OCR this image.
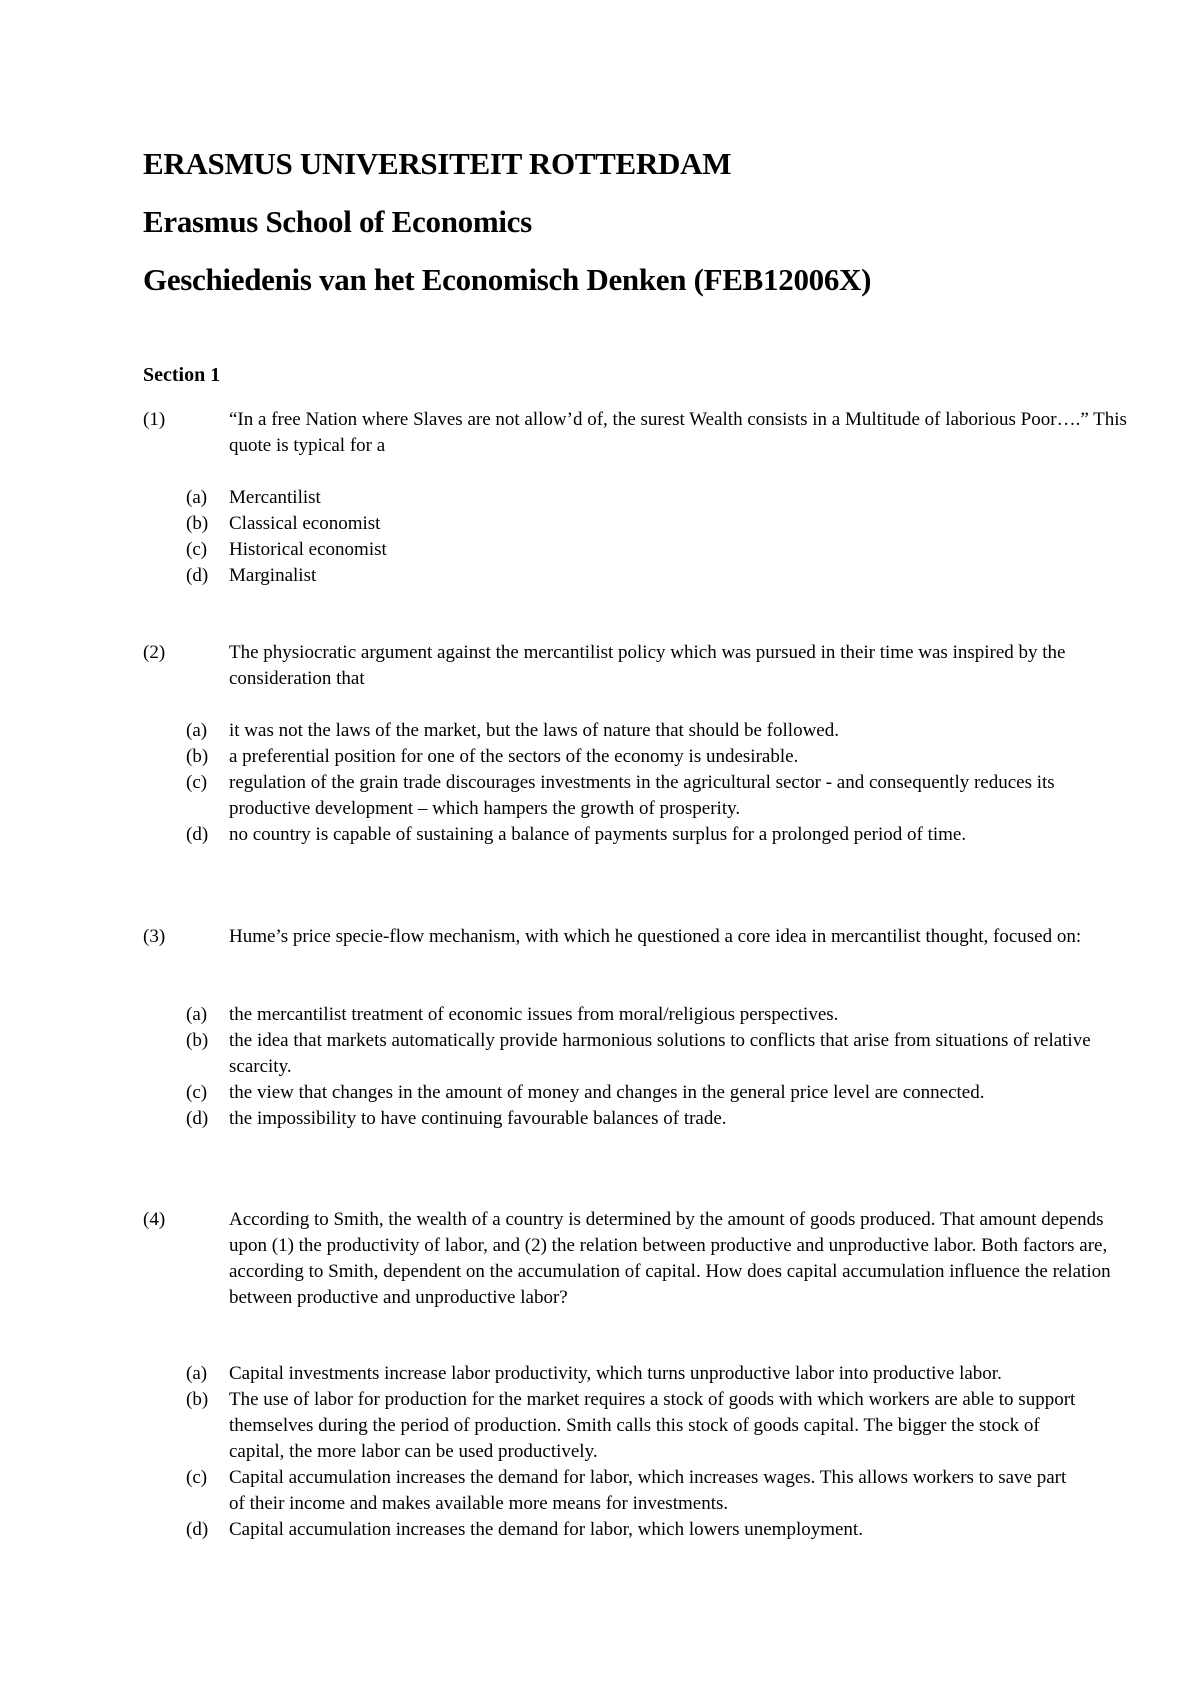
ERASMUS UNIVERSITEIT ROTTERDAM
Erasmus School of Economics
Geschiedenis van het Economisch Denken (FEB12006X)
Section 1
(1)	“In a free Nation where Slaves are not allow’d of, the surest Wealth consists in a Multitude of laborious Poor….” This quote is typical for a

(a)	Mercantilist
(b)	Classical economist
(c)	Historical economist
(d)	Marginalist
(2)	The physiocratic argument against the mercantilist policy which was pursued in their time was inspired by the consideration that

(a)	it was not the laws of the market, but the laws of nature that should be followed.
(b)	a preferential position for one of the sectors of the economy is undesirable.
(c)	regulation of the grain trade discourages investments in the agricultural sector - and consequently reduces its productive development – which hampers the growth of prosperity.
(d)	no country is capable of sustaining a balance of payments surplus for a prolonged period of time.
(3)	Hume’s price specie-flow mechanism, with which he questioned a core idea in mercantilist thought, focused on:

(a)	the mercantilist treatment of economic issues from moral/religious perspectives.
(b)	the idea that markets automatically provide harmonious solutions to conflicts that arise from situations of relative scarcity.
(c)	the view that changes in the amount of money and changes in the general price level are connected.
(d)	the impossibility to have continuing favourable balances of trade.
(4)	According to Smith, the wealth of a country is determined by the amount of goods produced. That amount depends upon (1) the productivity of labor, and (2) the relation between productive and unproductive labor. Both factors are, according to Smith, dependent on the accumulation of capital. How does capital accumulation influence the relation between productive and unproductive labor?

(a)	Capital investments increase labor productivity, which turns unproductive labor into productive labor.
(b)	The use of labor for production for the market requires a stock of goods with which workers are able to support themselves during the period of production. Smith calls this stock of goods capital. The bigger the stock of capital, the more labor can be used productively.
(c)	Capital accumulation increases the demand for labor, which increases wages. This allows workers to save part of their income and makes available more means for investments.
(d)	Capital accumulation increases the demand for labor, which lowers unemployment.
